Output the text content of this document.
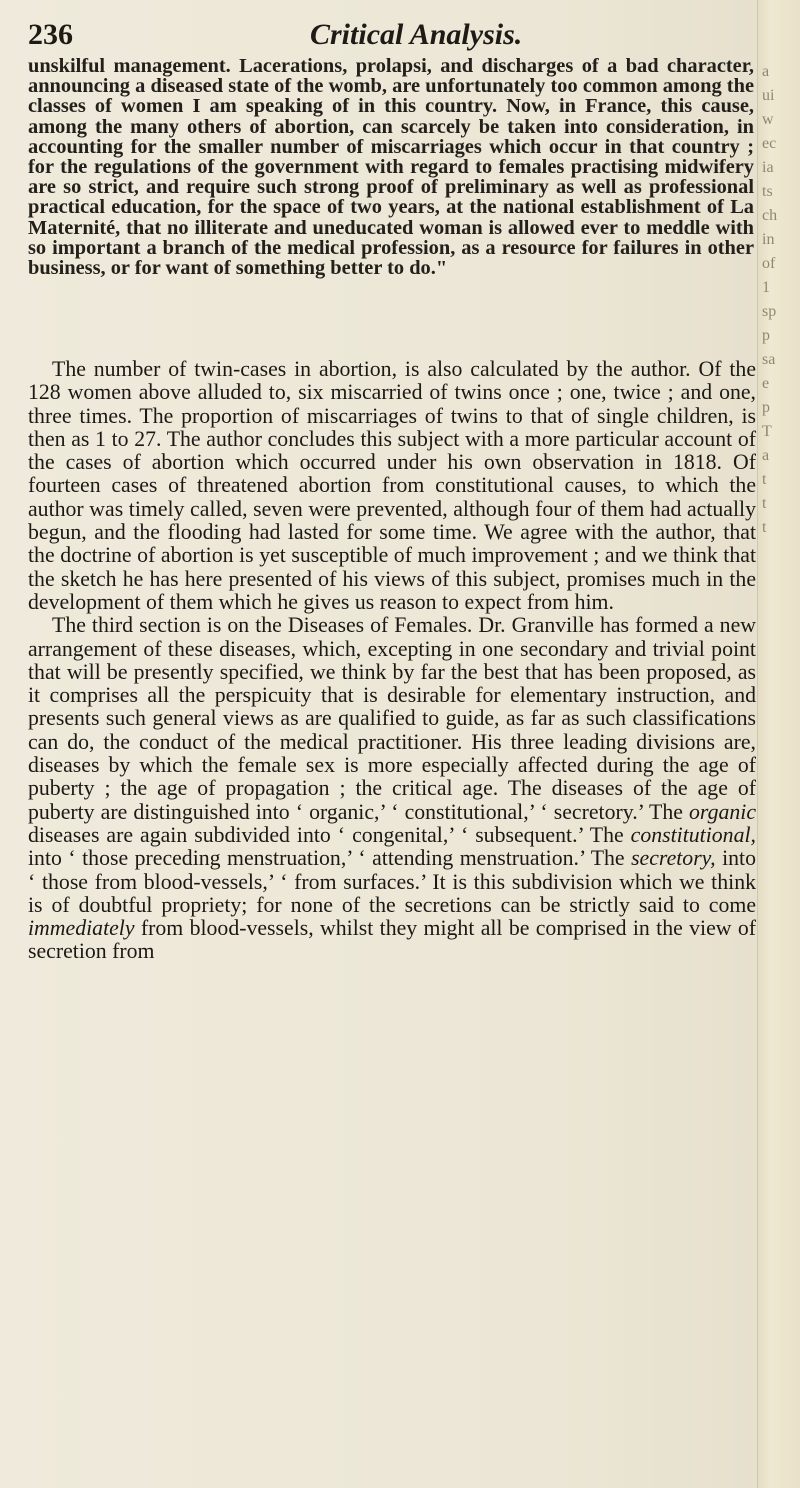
a
ui
w
ec
ia
ts
ch
in
of
1
sp
p
sa
e
p
T
a
t
t
t
236	Critical Analysis.
unskilful management. Lacerations, prolapsi, and discharges of a bad character, announcing a diseased state of the womb, are unfortunately too common among the classes of women I am speaking of in this country. Now, in France, this cause, among the many others of abortion, can scarcely be taken into consideration, in accounting for the smaller number of miscarriages which occur in that country ; for the regulations of the government with regard to females practising midwifery are so strict, and require such strong proof of preliminary as well as professional practical education, for the space of two years, at the national establishment of La Maternité, that no illiterate and uneducated woman is allowed ever to meddle with so important a branch of the medical profession, as a resource for failures in other business, or for want of something better to do."

The number of twin-cases in abortion, is also calculated by the author. Of the 128 women above alluded to, six miscarried of twins once ; one, twice ; and one, three times. The proportion of miscarriages of twins to that of single children, is then as 1 to 27. The author concludes this subject with a more particular account of the cases of abortion which occurred under his own observation in 1818. Of fourteen cases of threatened abortion from constitutional causes, to which the author was timely called, seven were prevented, although four of them had actually begun, and the flooding had lasted for some time. We agree with the author, that the doctrine of abortion is yet susceptible of much improvement ; and we think that the sketch he has here presented of his views of this subject, promises much in the development of them which he gives us reason to expect from him.

The third section is on the Diseases of Females. Dr. Granville has formed a new arrangement of these diseases, which, excepting in one secondary and trivial point that will be presently specified, we think by far the best that has been proposed, as it comprises all the perspicuity that is desirable for elementary instruction, and presents such general views as are qualified to guide, as far as such classifications can do, the conduct of the medical practitioner. His three leading divisions are, diseases by which the female sex is more especially affected during the age of puberty ; the age of propagation ; the critical age. The diseases of the age of puberty are distinguished into ‘ organic,’ ‘ constitutional,’ ‘ secretory.’ The organic diseases are again subdivided into ‘ congenital,’ ‘ subsequent.’ The constitutional, into ‘ those preceding menstruation,’ ‘ attending menstruation.’ The secretory, into ‘ those from blood-vessels,’ ‘ from surfaces.’ It is this subdivision which we think is of doubtful propriety; for none of the secretions can be strictly said to come immediately from blood-vessels, whilst they might all be comprised in the view of secretion from
